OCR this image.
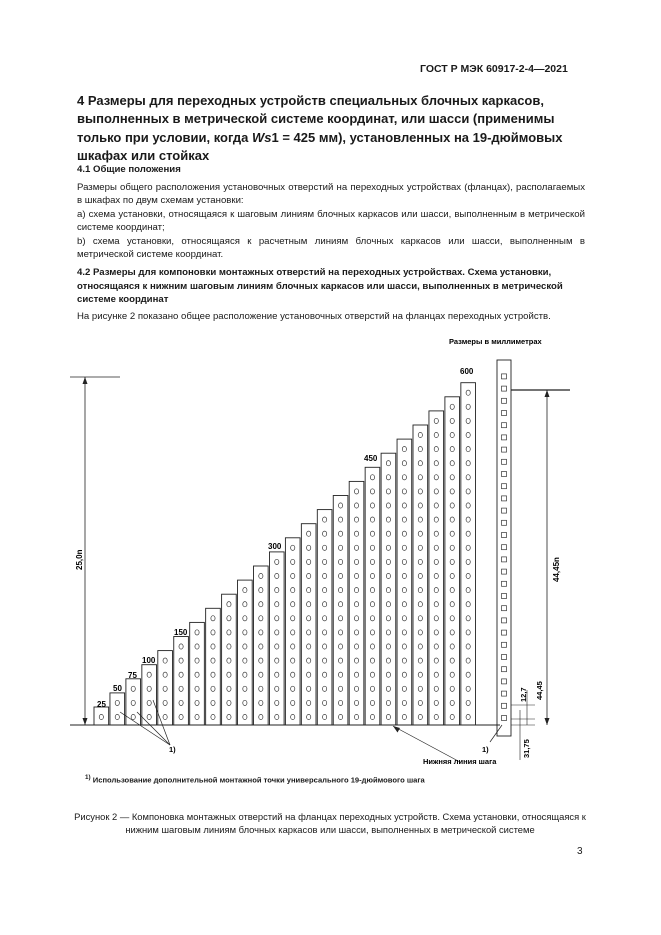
ГОСТ Р МЭК 60917-2-4—2021
4 Размеры для переходных устройств специальных блочных каркасов, выполненных в метрической системе координат, или шасси (применимы только при условии, когда Ws1 = 425 мм), установленных на 19-дюймовых шкафах или стойках
4.1 Общие положения
Размеры общего расположения установочных отверстий на переходных устройствах (фланцах), располагаемых в шкафах по двум схемам установки:
a) схема установки, относящаяся к шаговым линиям блочных каркасов или шасси, выполненным в метрической системе координат;
b) схема установки, относящаяся к расчетным линиям блочных каркасов или шасси, выполненным в метрической системе координат.
4.2 Размеры для компоновки монтажных отверстий на переходных устройствах. Схема установки, относящаяся к нижним шаговым линиям блочных каркасов или шасси, выполненных в метрической системе координат
На рисунке 2 показано общее расположение установочных отверстий на фланцах переходных устройств.
Размеры в миллиметрах
25,0n	44,45n
12,7 44,45
31,75
1)
Нижняя линия шага
1)
25
50
75
100
150
300
450
600
$^{1)}$ Использование дополнительной монтажной точки универсального 19-дюймового шага
Рисунок 2 — Компоновка монтажных отверстий на фланцах переходных устройств. Схема установки, относящаяся к нижним шаговым линиям блочных каркасов или шасси, выполненных в метрической системе
3
